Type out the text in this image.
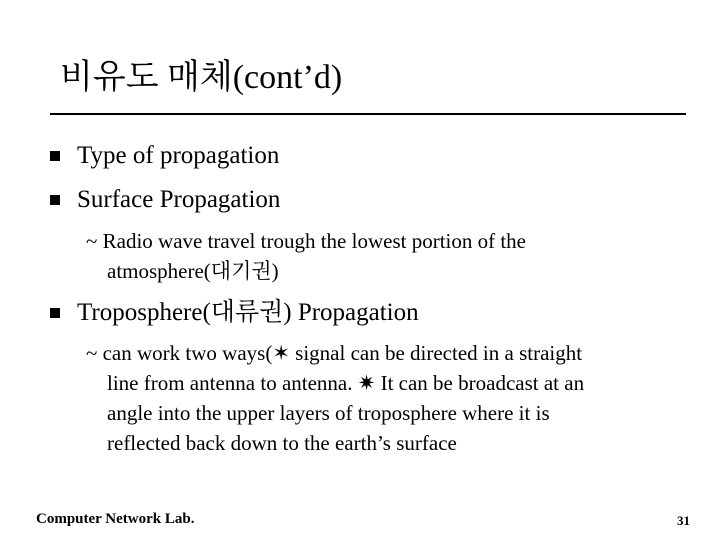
비유도 매체(cont’d)
Type of propagation
Surface Propagation
~ Radio wave travel trough the lowest portion of the
atmosphere(대기권)
Troposphere(대류권) Propagation
~ can work two ways(✶ signal can be directed in a straight
line from antenna to antenna. ✷ It can be broadcast at an
angle into the upper layers of troposphere where it is
reflected back down to the earth’s surface
Computer Network Lab.	31
